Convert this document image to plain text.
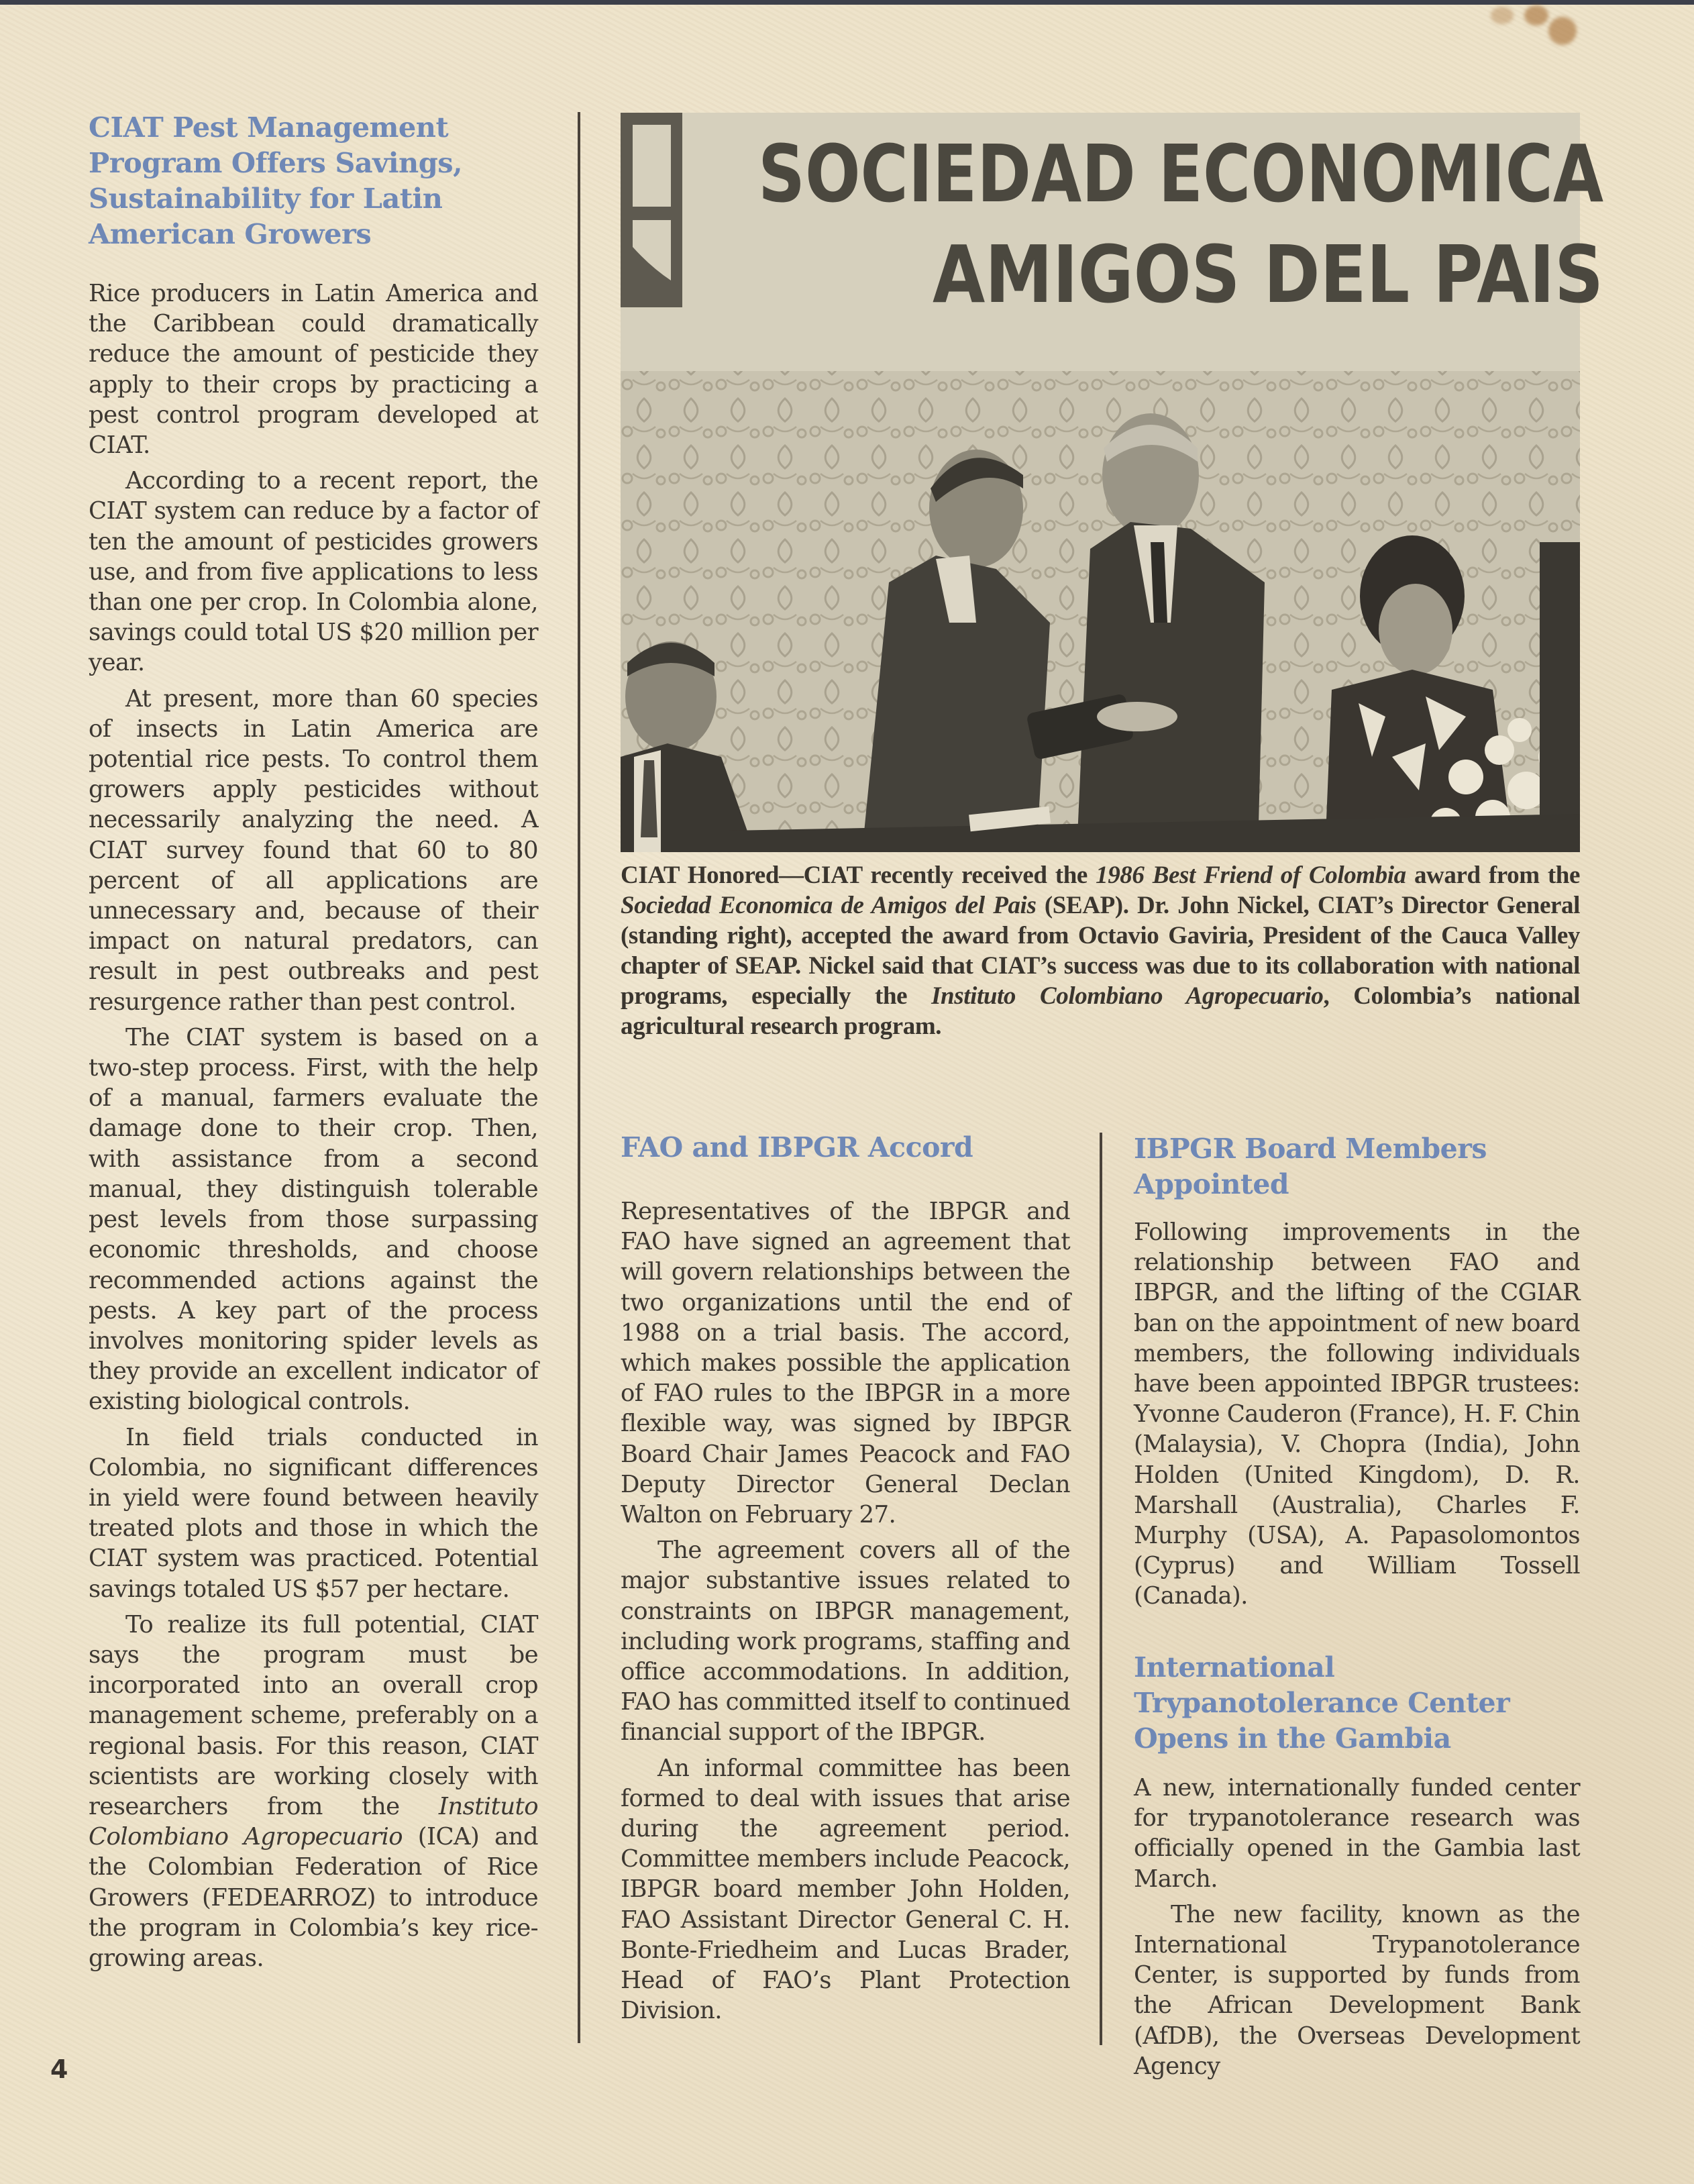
CIAT Pest Management
Program Offers Savings,
Sustainability for Latin
American Growers

Rice producers in Latin America and the Caribbean could dramatically reduce the amount of pesticide they apply to their crops by practicing a pest control program developed at CIAT.

According to a recent report, the CIAT system can reduce by a factor of ten the amount of pesticides growers use, and from five applications to less than one per crop. In Colombia alone, savings could total US $20 million per year.

At present, more than 60 species of insects in Latin America are potential rice pests. To control them growers apply pesticides without necessarily analyzing the need. A CIAT survey found that 60 to 80 percent of all applications are unnecessary and, because of their impact on natural predators, can result in pest outbreaks and pest resurgence rather than pest control.

The CIAT system is based on a two-step process. First, with the help of a manual, farmers evaluate the damage done to their crop. Then, with assistance from a second manual, they distinguish tolerable pest levels from those surpassing economic thresholds, and choose recommended actions against the pests. A key part of the process involves monitoring spider levels as they provide an excellent indicator of existing biological controls.

In field trials conducted in Colombia, no significant differences in yield were found between heavily treated plots and those in which the CIAT system was practiced. Potential savings totaled US $57 per hectare.

To realize its full potential, CIAT says the program must be incorporated into an overall crop management scheme, preferably on a regional basis. For this reason, CIAT scientists are working closely with researchers from the Instituto Colombiano Agropecuario (ICA) and the Colombian Federation of Rice Growers (FEDEARROZ) to introduce the program in Colombia’s key rice-growing areas.

SOCIEDAD ECONOMICA
AMIGOS DEL PAIS

CIAT Honored—CIAT recently received the 1986 Best Friend of Colombia award from the Sociedad Economica de Amigos del Pais (SEAP). Dr. John Nickel, CIAT’s Director General (standing right), accepted the award from Octavio Gaviria, President of the Cauca Valley chapter of SEAP. Nickel said that CIAT’s success was due to its collaboration with national programs, especially the Instituto Colombiano Agropecuario, Colombia’s national agricultural research program.

FAO and IBPGR Accord

Representatives of the IBPGR and FAO have signed an agreement that will govern relationships between the two organizations until the end of 1988 on a trial basis. The accord, which makes possible the application of FAO rules to the IBPGR in a more flexible way, was signed by IBPGR Board Chair James Peacock and FAO Deputy Director General Declan Walton on February 27.

The agreement covers all of the major substantive issues related to constraints on IBPGR management, including work programs, staffing and office accommodations. In addition, FAO has committed itself to continued financial support of the IBPGR.

An informal committee has been formed to deal with issues that arise during the agreement period. Committee members include Peacock, IBPGR board member John Holden, FAO Assistant Director General C. H. Bonte-Friedheim and Lucas Brader, Head of FAO’s Plant Protection Division.

IBPGR Board Members
Appointed

Following improvements in the relationship between FAO and IBPGR, and the lifting of the CGIAR ban on the appointment of new board members, the following individuals have been appointed IBPGR trustees: Yvonne Cauderon (France), H. F. Chin (Malaysia), V. Chopra (India), John Holden (United Kingdom), D. R. Marshall (Australia), Charles F. Murphy (USA), A. Papasolomontos (Cyprus) and William Tossell (Canada).

International
Trypanotolerance Center
Opens in the Gambia

A new, internationally funded center for trypanotolerance research was officially opened in the Gambia last March.

The new facility, known as the International Trypanotolerance Center, is supported by funds from the African Development Bank (AfDB), the Overseas Development Agency

4
